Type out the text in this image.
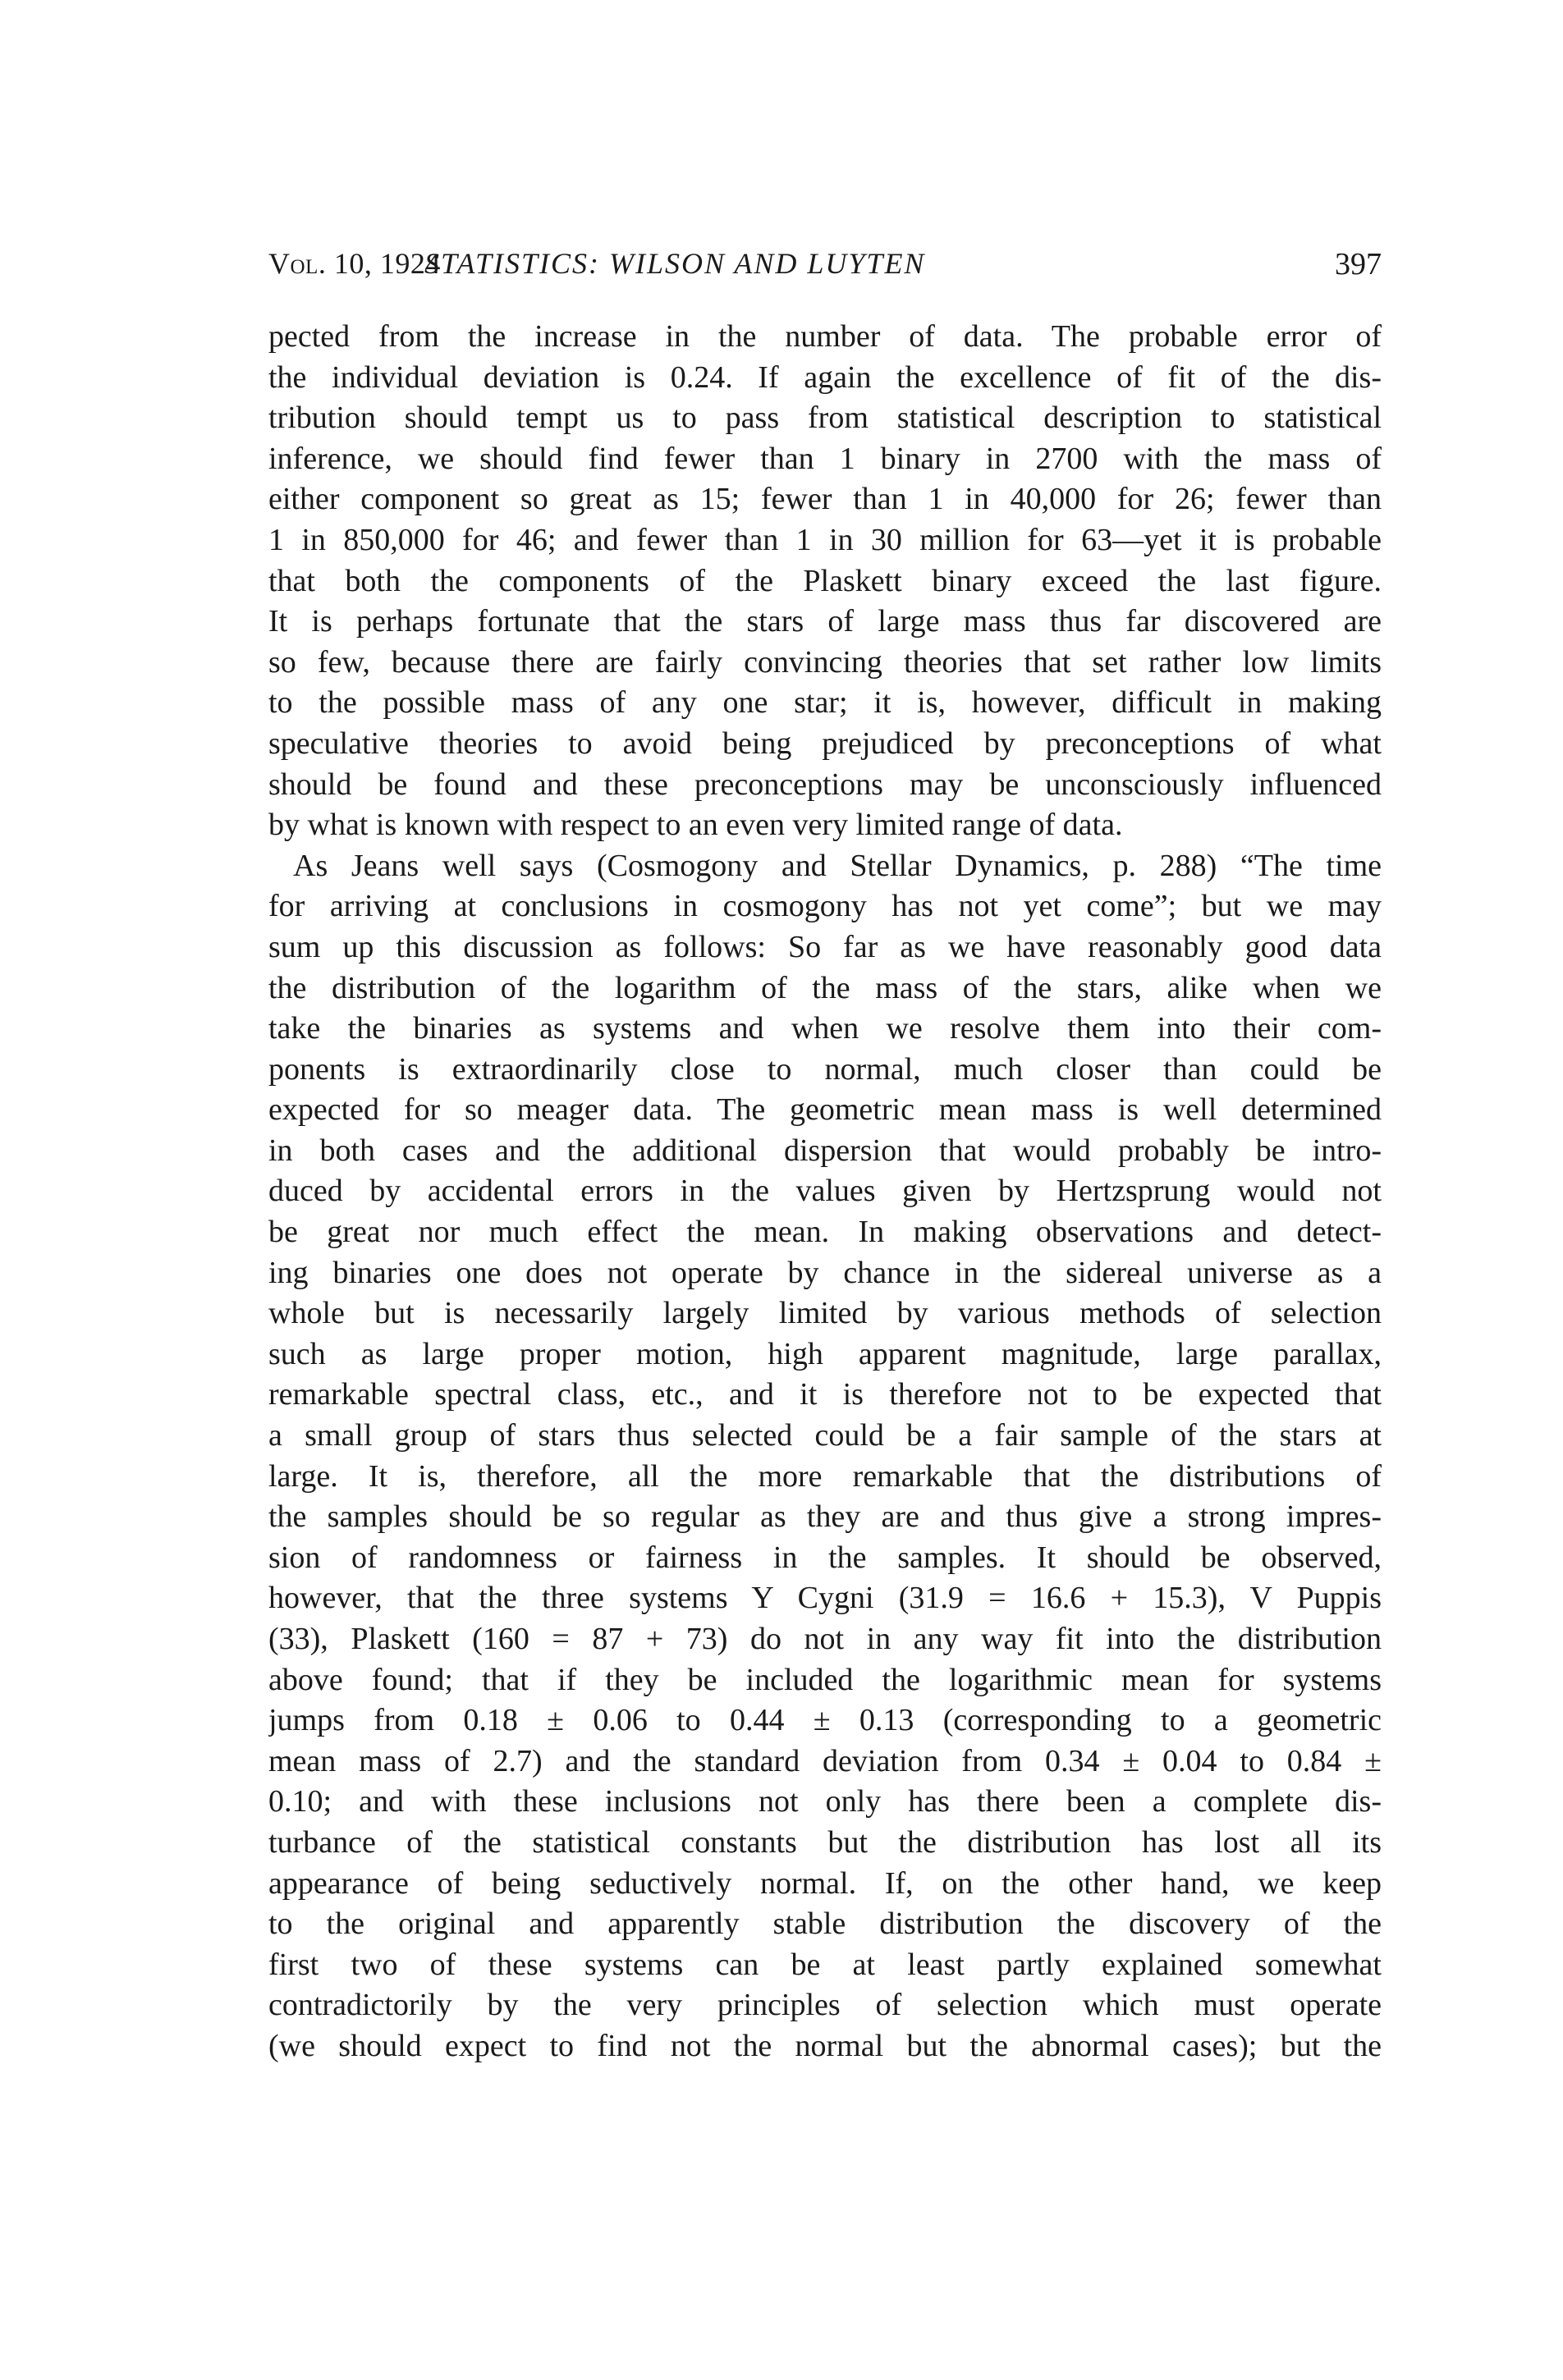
Vol. 10, 1924
STATISTICS: WILSON AND LUYTEN	397
pected from the increase in the number of data. The probable error of
the individual deviation is 0.24. If again the excellence of fit of the dis-
tribution should tempt us to pass from statistical description to statistical
inference, we should find fewer than 1 binary in 2700 with the mass of
either component so great as 15; fewer than 1 in 40,000 for 26; fewer than
1 in 850,000 for 46; and fewer than 1 in 30 million for 63—yet it is probable
that both the components of the Plaskett binary exceed the last figure.
It is perhaps fortunate that the stars of large mass thus far discovered are
so few, because there are fairly convincing theories that set rather low limits
to the possible mass of any one star; it is, however, difficult in making
speculative theories to avoid being prejudiced by preconceptions of what
should be found and these preconceptions may be unconsciously influenced
by what is known with respect to an even very limited range of data.
As Jeans well says (Cosmogony and Stellar Dynamics, p. 288) “The time
for arriving at conclusions in cosmogony has not yet come”; but we may
sum up this discussion as follows: So far as we have reasonably good data
the distribution of the logarithm of the mass of the stars, alike when we
take the binaries as systems and when we resolve them into their com-
ponents is extraordinarily close to normal, much closer than could be
expected for so meager data. The geometric mean mass is well determined
in both cases and the additional dispersion that would probably be intro-
duced by accidental errors in the values given by Hertzsprung would not
be great nor much effect the mean. In making observations and detect-
ing binaries one does not operate by chance in the sidereal universe as a
whole but is necessarily largely limited by various methods of selection
such as large proper motion, high apparent magnitude, large parallax,
remarkable spectral class, etc., and it is therefore not to be expected that
a small group of stars thus selected could be a fair sample of the stars at
large. It is, therefore, all the more remarkable that the distributions of
the samples should be so regular as they are and thus give a strong impres-
sion of randomness or fairness in the samples. It should be observed,
however, that the three systems Y Cygni (31.9 = 16.6 + 15.3), V Puppis
(33), Plaskett (160 = 87 + 73) do not in any way fit into the distribution
above found; that if they be included the logarithmic mean for systems
jumps from 0.18 ± 0.06 to 0.44 ± 0.13 (corresponding to a geometric
mean mass of 2.7) and the standard deviation from 0.34 ± 0.04 to 0.84 ±
0.10; and with these inclusions not only has there been a complete dis-
turbance of the statistical constants but the distribution has lost all its
appearance of being seductively normal. If, on the other hand, we keep
to the original and apparently stable distribution the discovery of the
first two of these systems can be at least partly explained somewhat
contradictorily by the very principles of selection which must operate
(we should expect to find not the normal but the abnormal cases); but the
